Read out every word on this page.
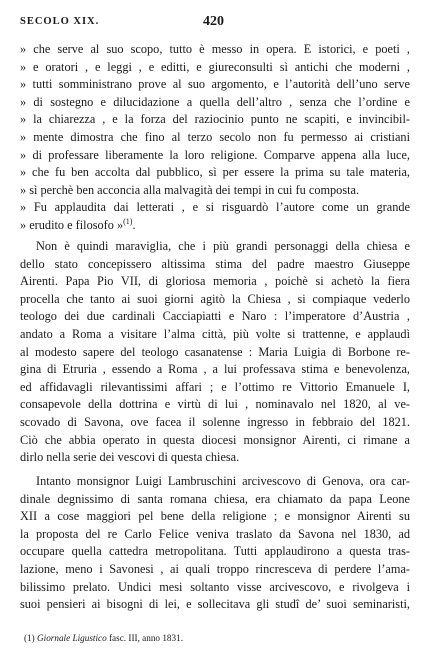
SECOLO XIX.	420
» che serve al suo scopo, tutto è messo in opera. E istorici, e poeti ,
» e oratori , e leggi , e editti, e giureconsulti sì antichi che moderni ,
» tutti somministrano prove al suo argomento, e l’autorità dell’uno serve
» di sostegno e dilucidazione a quella dell’altro , senza che l’ordine e
» la chiarezza , e la forza del raziocinio punto ne scapiti, e invincibil-
» mente dimostra che fino al terzo secolo non fu permesso ai cristiani
» di professare liberamente la loro religione. Comparve appena alla luce,
» che fu ben accolta dal pubblico, sì per essere la prima su tale materia,
» sì perchè ben acconcia alla malvagità dei tempi in cui fu composta.
» Fu applaudita dai letterati , e si risguardò l’autore come un grande
» erudito e filosofo »$^{(1)}$.
Non è quindi maraviglia, che i più grandi personaggi della chiesa e
dello stato concepissero altissima stima del padre maestro Giuseppe
Airenti. Papa Pio VII, di gloriosa memoria , poichè si achetò la fiera
procella che tanto ai suoi giorni agitò la Chiesa , si compiaque vederlo
teologo dei due cardinali Cacciapiatti e Naro : l’imperatore d’Austria ,
andato a Roma a visitare l’alma città, più volte si trattenne, e applaudì
al modesto sapere del teologo casanatense : Maria Luigia di Borbone re-
gina di Etruria , essendo a Roma , a lui professava stima e benevolenza,
ed affidavagli rilevantissimi affari ; e l’ottimo re Vittorio Emanuele I,
consapevole della dottrina e virtù di lui , nominavalo nel 1820, al ve-
scovado di Savona, ove facea il solenne ingresso in febbraio del 1821.
Ciò che abbia operato in questa diocesi monsignor Airenti, ci rimane a
dirlo nella serie dei vescovi di questa chiesa.
Intanto monsignor Luigi Lambruschini arcivescovo di Genova, ora car-
dinale degnissimo di santa romana chiesa, era chiamato da papa Leone
XII a cose maggiori pel bene della religione ; e monsignor Airenti su
la proposta del re Carlo Felice veniva traslato da Savona nel 1830, ad
occupare quella cattedra metropolitana. Tutti applaudirono a questa tras-
lazione, meno i Savonesi , ai quali troppo rincresceva di perdere l’ama-
bilissimo prelato. Undici mesi soltanto visse arcivescovo, e rivolgeva i
suoi pensieri ai bisogni di lei, e sollecitava gli studî de’ suoi seminaristi,
(1) Giornale Ligustico fasc. III, anno 1831.
